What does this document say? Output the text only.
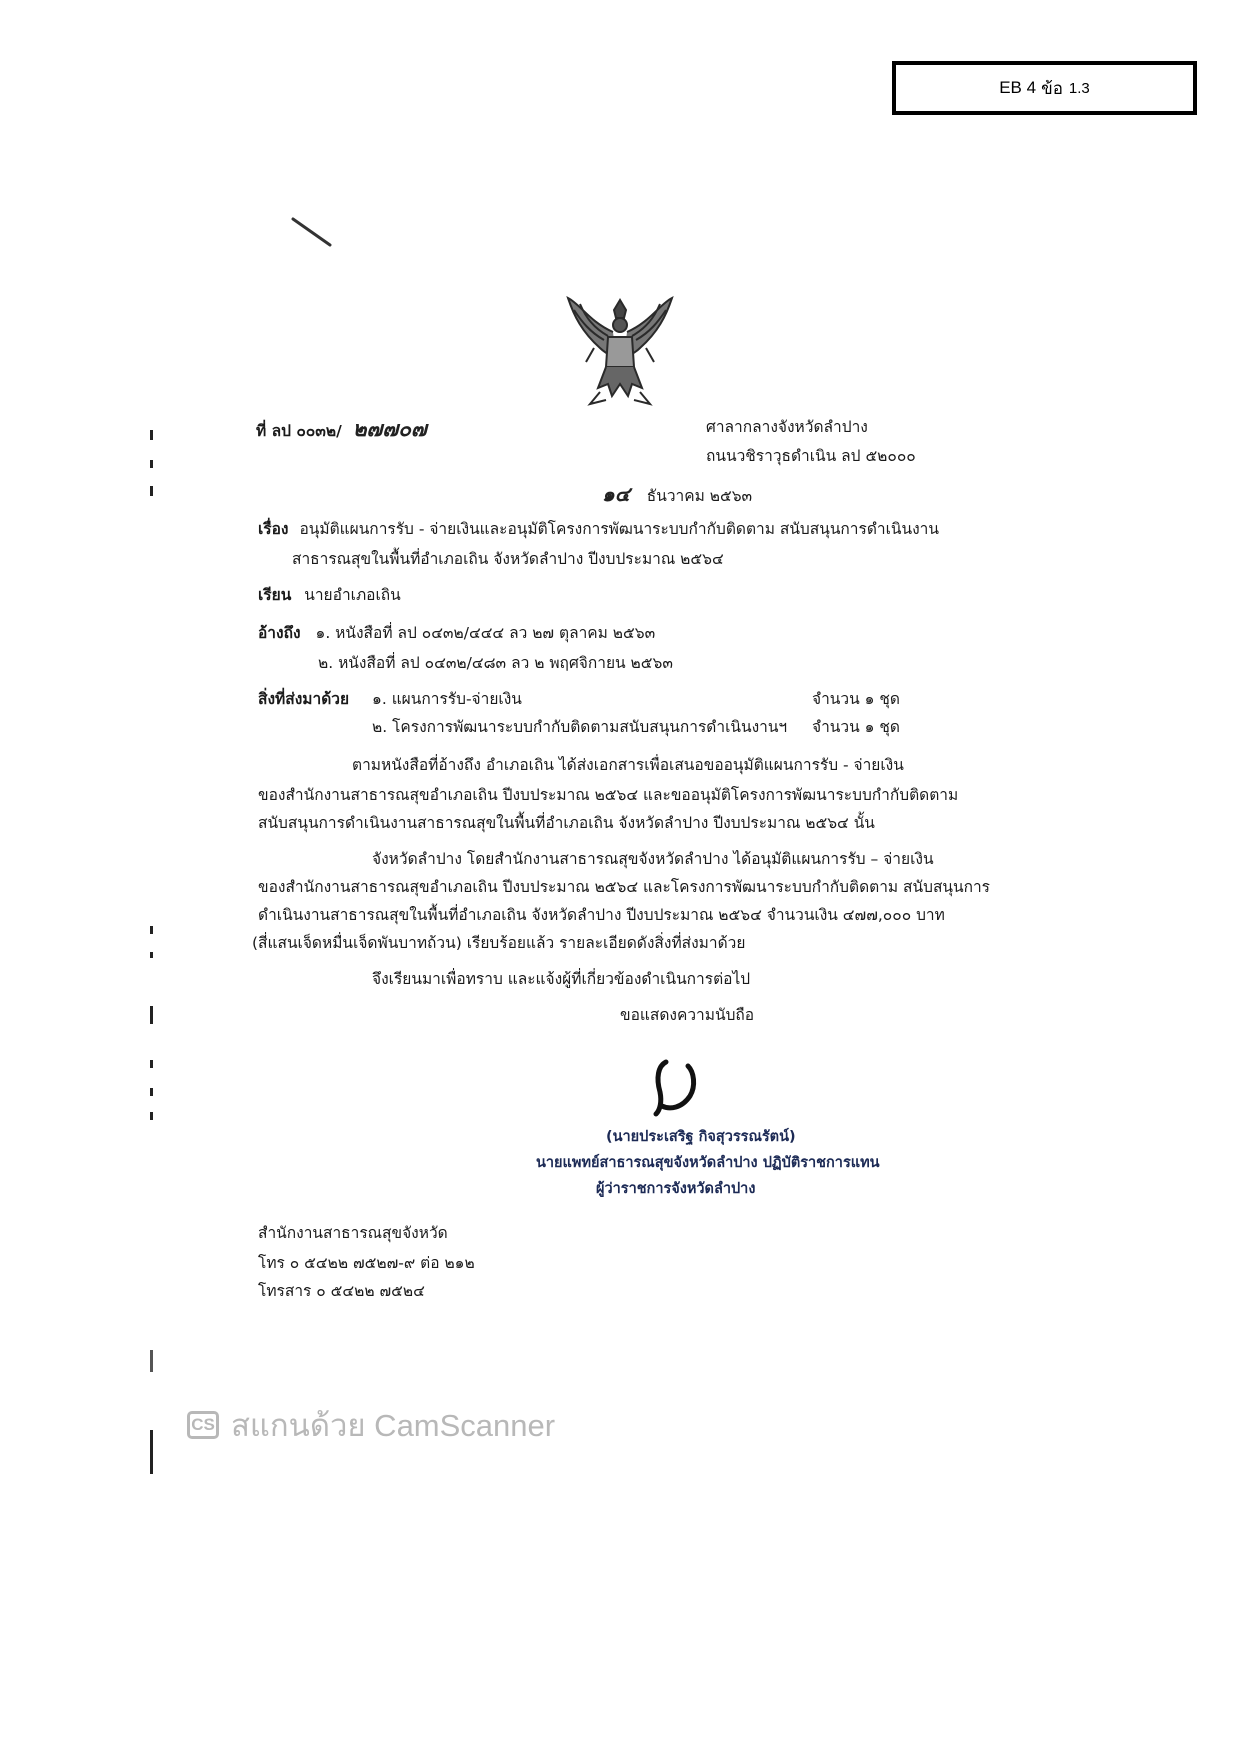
EB 4 ข้อ 1.3
ที่ ลป ๐๐๓๒/ ๒๗๗๐๗	ศาลากลางจังหวัดลำปาง
ถนนวชิราวุธดำเนิน ลป ๕๒๐๐๐
๑๔ ธันวาคม ๒๕๖๓
เรื่อง อนุมัติแผนการรับ - จ่ายเงินและอนุมัติโครงการพัฒนาระบบกำกับติดตาม สนับสนุนการดำเนินงาน
สาธารณสุขในพื้นที่อำเภอเถิน จังหวัดลำปาง ปีงบประมาณ ๒๕๖๔
เรียน นายอำเภอเถิน
อ้างถึง ๑. หนังสือที่ ลป ๐๔๓๒/๔๔๔ ลว ๒๗ ตุลาคม ๒๕๖๓
๒. หนังสือที่ ลป ๐๔๓๒/๔๘๓ ลว ๒ พฤศจิกายน ๒๕๖๓
สิ่งที่ส่งมาด้วย ๑. แผนการรับ-จ่ายเงิน	จำนวน ๑ ชุด
๒. โครงการพัฒนาระบบกำกับติดตามสนับสนุนการดำเนินงานฯ จำนวน ๑ ชุด
ตามหนังสือที่อ้างถึง อำเภอเถิน ได้ส่งเอกสารเพื่อเสนอขออนุมัติแผนการรับ - จ่ายเงิน
ของสำนักงานสาธารณสุขอำเภอเถิน ปีงบประมาณ ๒๕๖๔ และขออนุมัติโครงการพัฒนาระบบกำกับติดตาม
สนับสนุนการดำเนินงานสาธารณสุขในพื้นที่อำเภอเถิน จังหวัดลำปาง ปีงบประมาณ ๒๕๖๔ นั้น
จังหวัดลำปาง โดยสำนักงานสาธารณสุขจังหวัดลำปาง ได้อนุมัติแผนการรับ – จ่ายเงิน
ของสำนักงานสาธารณสุขอำเภอเถิน ปีงบประมาณ ๒๕๖๔ และโครงการพัฒนาระบบกำกับติดตาม สนับสนุนการ
ดำเนินงานสาธารณสุขในพื้นที่อำเภอเถิน จังหวัดลำปาง ปีงบประมาณ ๒๕๖๔ จำนวนเงิน ๔๗๗,๐๐๐ บาท
(สี่แสนเจ็ดหมื่นเจ็ดพันบาทถ้วน) เรียบร้อยแล้ว รายละเอียดดังสิ่งที่ส่งมาด้วย
จึงเรียนมาเพื่อทราบ และแจ้งผู้ที่เกี่ยวข้องดำเนินการต่อไป
ขอแสดงความนับถือ
(นายประเสริฐ กิจสุวรรณรัตน์)
นายแพทย์สาธารณสุขจังหวัดลำปาง ปฏิบัติราชการแทน
ผู้ว่าราชการจังหวัดลำปาง
สำนักงานสาธารณสุขจังหวัด
โทร ๐ ๕๔๒๒ ๗๕๒๗-๙ ต่อ ๒๑๒
โทรสาร ๐ ๕๔๒๒ ๗๕๒๔
CS สแกนด้วย CamScanner
